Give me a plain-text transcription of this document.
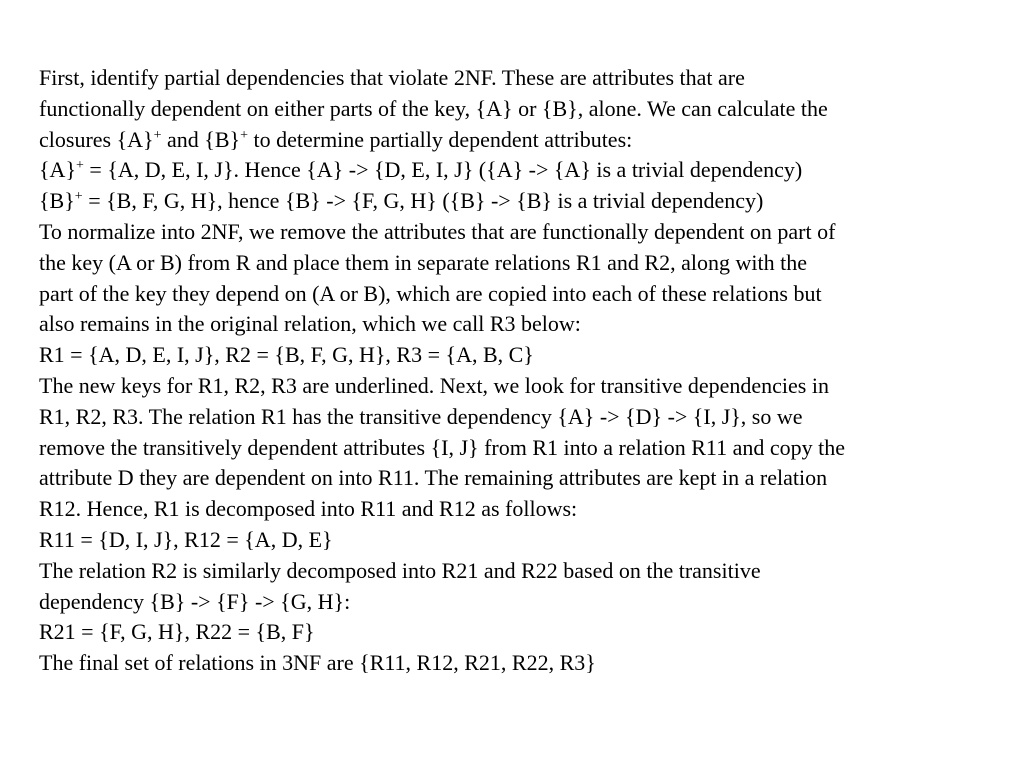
First, identify partial dependencies that violate 2NF. These are attributes that are
functionally dependent on either parts of the key, {A} or {B}, alone. We can calculate the
closures {A}+ and {B}+ to determine partially dependent attributes:
{A}+ = {A, D, E, I, J}. Hence {A} -> {D, E, I, J} ({A} -> {A} is a trivial dependency)
{B}+ = {B, F, G, H}, hence {B} -> {F, G, H} ({B} -> {B} is a trivial dependency)
To normalize into 2NF, we remove the attributes that are functionally dependent on part of
the key (A or B) from R and place them in separate relations R1 and R2, along with the
part of the key they depend on (A or B), which are copied into each of these relations but
also remains in the original relation, which we call R3 below:
R1 = {A, D, E, I, J}, R2 = {B, F, G, H}, R3 = {A, B, C}
The new keys for R1, R2, R3 are underlined. Next, we look for transitive dependencies in
R1, R2, R3. The relation R1 has the transitive dependency {A} -> {D} -> {I, J}, so we
remove the transitively dependent attributes {I, J} from R1 into a relation R11 and copy the
attribute D they are dependent on into R11. The remaining attributes are kept in a relation
R12. Hence, R1 is decomposed into R11 and R12 as follows:
R11 = {D, I, J}, R12 = {A, D, E}
The relation R2 is similarly decomposed into R21 and R22 based on the transitive
dependency {B} -> {F} -> {G, H}:
R21 = {F, G, H}, R22 = {B, F}
The final set of relations in 3NF are {R11, R12, R21, R22, R3}
